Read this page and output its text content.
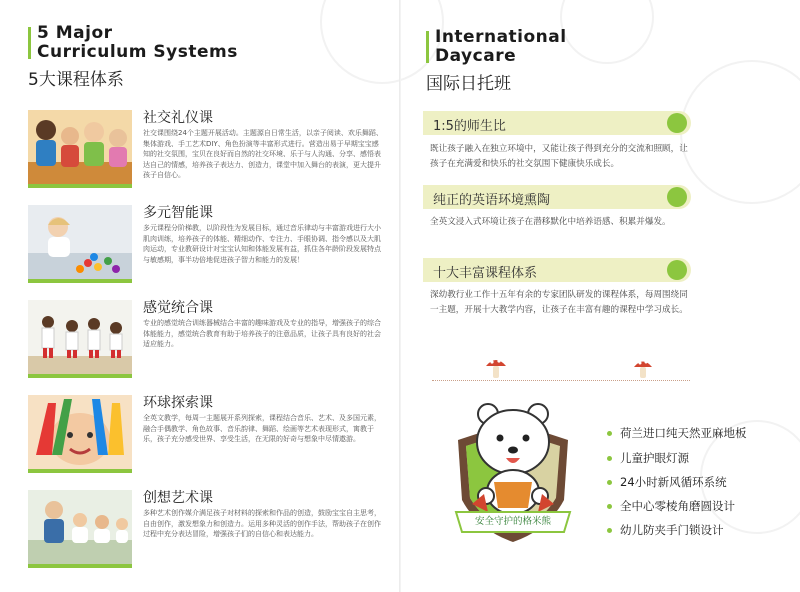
5 Major
Curriculum Systems
5大课程体系
社交礼仪课
社交课围绕24个主题开展活动。主题源自日常生活，以亲子阅读、欢乐舞蹈、集体游戏、手工艺术DIY、角色扮演等丰富形式进行。营造出易于早期宝宝感知的社交氛围，宝贝在良好而自然的社交环境、乐于与人沟通、分享、感悟表达自己的情感，培养孩子表达力、创造力，课堂中加入舞台的表演，更大提升孩子自信心。
多元智能课
多元课程分阶梯教，以阶段性为发展目标，通过音乐律动与丰富游戏进行大小肌肉训练，培养孩子的体能、精细动作、专注力、手眼协调、指令感以及大肌肉运动，专业教研设计对宝宝认知和体能发展有益，抓住各年龄阶段发展特点与敏感期，事半功倍地促进孩子智力和能力的发展！
感觉统合课
专业的感觉统合训练器械结合丰富的趣味游戏及专业的指导，增强孩子的综合体能能力，感觉统合教育有助于培养孩子的注意品质，让孩子具有良好的社会适应能力。
环球探索课
全英文教学，每周一主题展开系列探索，课程结合音乐、艺术、及多国元素，融合手偶教学、角色故事、音乐韵律、舞蹈、绘画等艺术表现形式，寓教于乐，孩子充分感受世界、享受生活，在无限的好奇与想象中尽情遨游。
创想艺术课
多种艺术创作媒介满足孩子对材料的探索和作品的创造，鼓励宝宝自主思考，自由创作，激发想象力和创造力。运用多种灵活的创作手法，帮助孩子在创作过程中充分表达冒险，增强孩子们的自信心和表达能力。
International
Daycare
国际日托班
1:5的师生比
既让孩子融入在独立环境中，又能让孩子得到充分的交流和照顾，让孩子在充满爱和快乐的社交氛围下健康快乐成长。
纯正的英语环境熏陶
全英文浸入式环境让孩子在潜移默化中培养语感、积累并爆发。
十大丰富课程体系
深幼教行业工作十五年有余的专家团队研发的课程体系，每周围绕同一主题，开展十大教学内容，让孩子在丰富有趣的课程中学习成长。
安全守护的格米熊
荷兰进口纯天然亚麻地板
儿童护眼灯源
24小时新风循环系统
全中心零棱角磨圆设计
幼儿防夹手门锁设计
